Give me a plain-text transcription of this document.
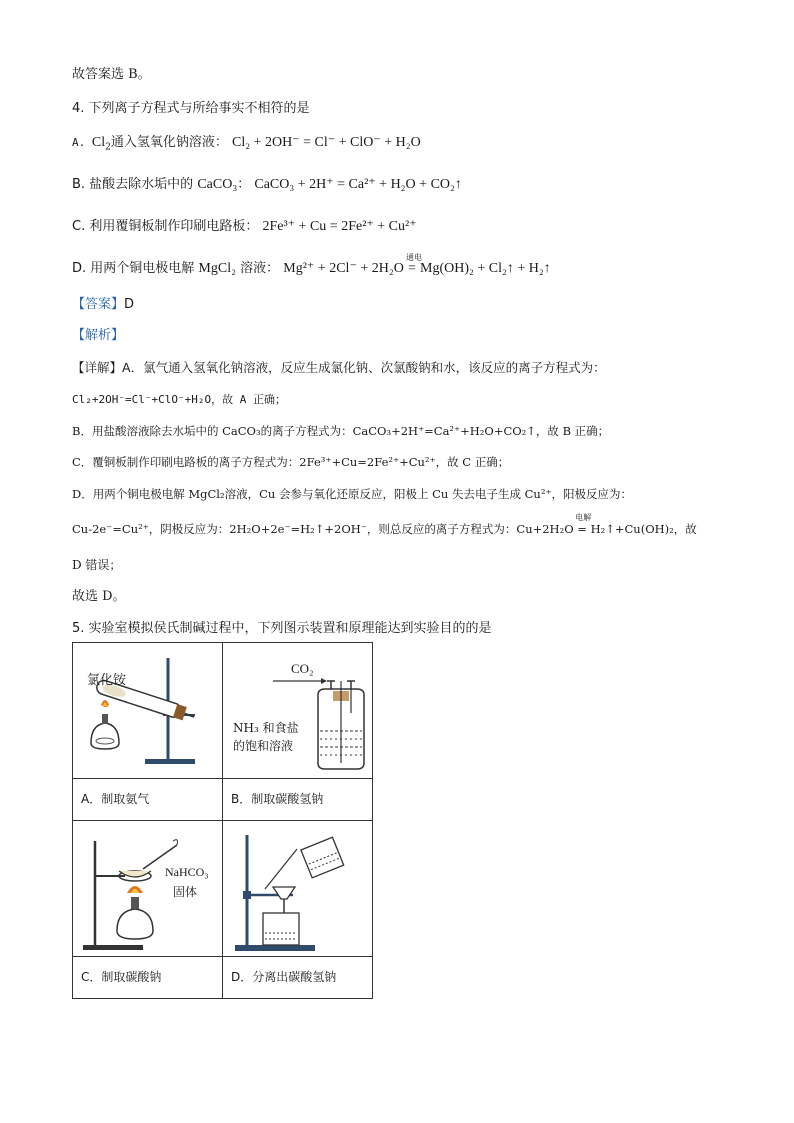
故答案选 B。
4. 下列离子方程式与所给事实不相符的是
A. $Cl_2$通入氢氧化钠溶液： Cl₂ + 2OH⁻ = Cl⁻ + ClO⁻ + H₂O
B. 盐酸去除水垢中的 CaCO₃： CaCO₃ + 2H⁺ = Ca²⁺ + H₂O + CO₂↑
C. 利用覆铜板制作印刷电路板： 2Fe³⁺ + Cu = 2Fe²⁺ + Cu²⁺
D. 用两个铜电极电解 MgCl₂ 溶液： Mg²⁺ + 2Cl⁻ + 2H₂O =
通电
Mg(OH)₂ + Cl₂↑ + H₂↑
【答案】D
【解析】
【详解】A．氯气通入氢氧化钠溶液，反应生成氯化钠、次氯酸钠和水，该反应的离子方程式为：
Cl₂+2OH⁻=Cl⁻+ClO⁻+H₂O，故 A 正确；
B．用盐酸溶液除去水垢中的 CaCO₃的离子方程式为：CaCO₃+2H⁺=Ca²⁺+H₂O+CO₂↑，故 B 正确；
C．覆铜板制作印刷电路板的离子方程式为：2Fe³⁺+Cu=2Fe²⁺+Cu²⁺，故 C 正确；
D．用两个铜电极电解 MgCl₂溶液，Cu 会参与氧化还原反应，阳极上 Cu 失去电子生成 Cu²⁺，阳极反应为：
Cu-2e⁻=Cu²⁺，阴极反应为：2H₂O+2e⁻=H₂↑+2OH⁻，则总反应的离子方程式为：Cu+2H₂O =
电解
H₂↑+Cu(OH)₂，故
D 错误；
故选 D。
5. 实验室模拟侯氏制碱过程中，下列图示装置和原理能达到实验目的的是
氯化铵	CO₂
NH₃ 和食盐
的饱和溶液

A．制取氨气	B．制取碳酸氢钠

NaHCO₃
固体

C．制取碳酸钠	D．分离出碳酸氢钠
